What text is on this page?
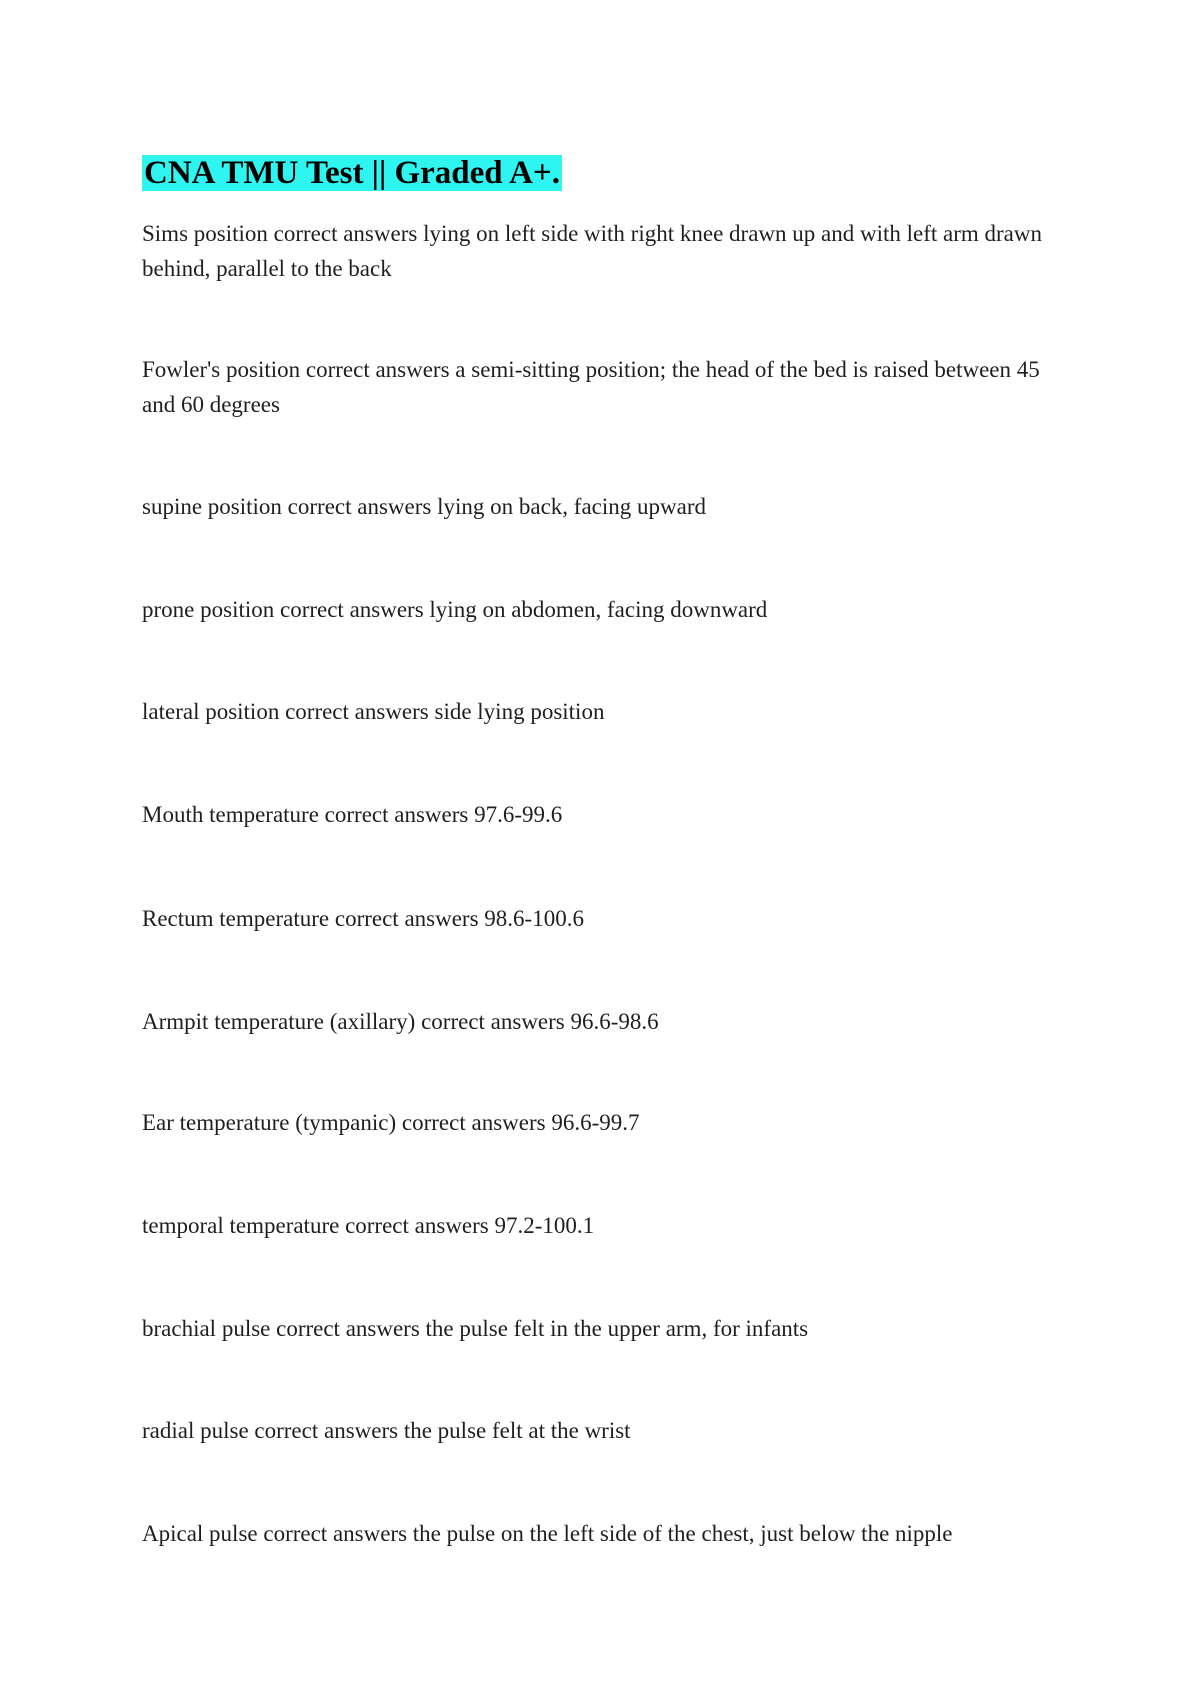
CNA TMU Test || Graded A+.

Sims position correct answers lying on left side with right knee drawn up and with left arm drawn behind, parallel to the back

Fowler's position correct answers a semi-sitting position; the head of the bed is raised between 45 and 60 degrees

supine position correct answers lying on back, facing upward

prone position correct answers lying on abdomen, facing downward

lateral position correct answers side lying position

Mouth temperature correct answers 97.6-99.6

Rectum temperature correct answers 98.6-100.6

Armpit temperature (axillary) correct answers 96.6-98.6

Ear temperature (tympanic) correct answers 96.6-99.7

temporal temperature correct answers 97.2-100.1

brachial pulse correct answers the pulse felt in the upper arm, for infants

radial pulse correct answers the pulse felt at the wrist

Apical pulse correct answers the pulse on the left side of the chest, just below the nipple
